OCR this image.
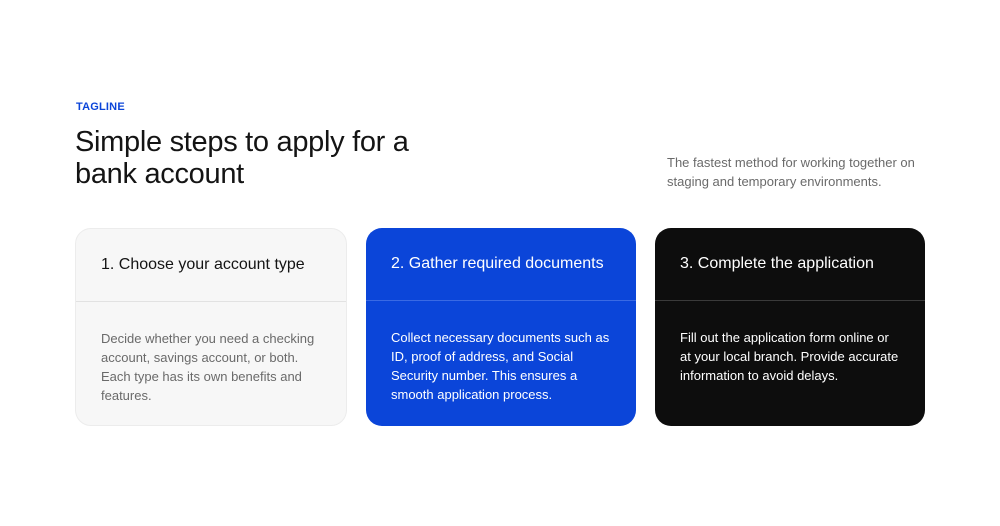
TAGLINE
Simple steps to apply for a bank account	The fastest method for working together on staging and temporary environments.

1. Choose your account type
Decide whether you need a checking account, savings account, or both. Each type has its own benefits and features.
2. Gather required documents
Collect necessary documents such as ID, proof of address, and Social Security number. This ensures a smooth application process.
3. Complete the application
Fill out the application form online or at your local branch. Provide accurate information to avoid delays.
